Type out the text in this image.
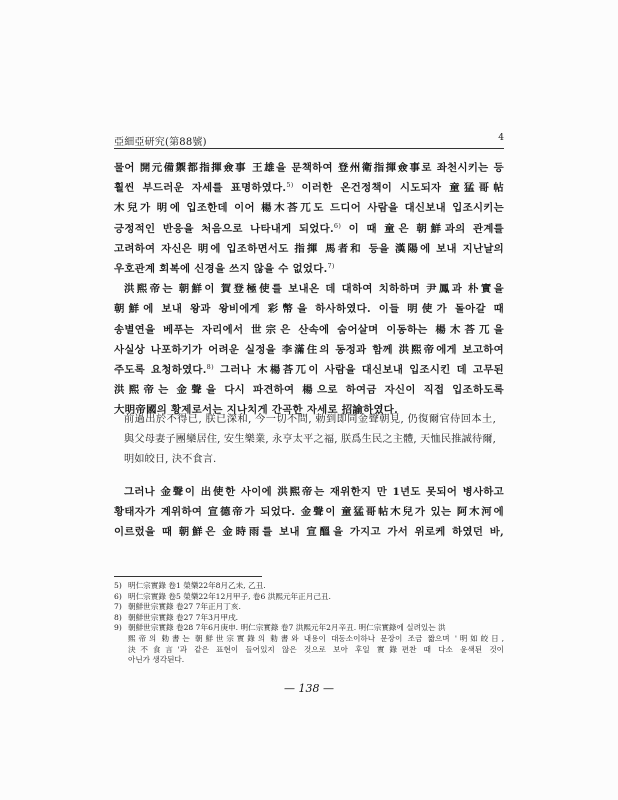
亞細亞研究(第88號)	4
물어 開元備禦都指揮僉事 王雄을 문책하여 登州衛指揮僉事로 좌천시키는 등
훨씬 부드러운 자세를 표명하였다.$^{5)}$ 이러한 온건정책이 시도되자 童猛哥帖
木兒가 明에 입조한데 이어 楊木荅兀도 드디어 사람을 대신보내 입조시키는
긍정적인 반응을 처음으로 나타내게 되었다.$^{6)}$ 이 때 童은 朝鮮과의 관계를
고려하여 자신은 明에 입조하면서도 指揮 馬者和 등을 漢陽에 보내 지난날의
우호관계 회복에 신경을 쓰지 않을 수 없었다.$^{7)}$
洪熙帝는 朝鮮이 賀登極使를 보내온 데 대하여 치하하며 尹鳳과 朴實을
朝鮮에 보내 왕과 왕비에게 彩幣을 하사하였다. 이들 明使가 돌아갈 때
송별연을 베푸는 자리에서 世宗은 산속에 숨어살며 이동하는 楊木荅兀을
사실상 나포하기가 어려운 실정을 李滿住의 동정과 함께 洪熙帝에게 보고하여
주도록 요청하였다.$^{8)}$ 그러나 木楊荅兀이 사람을 대신보내 입조시킨 데 고무된
洪熙帝는 金聲을 다시 파견하여 楊으로 하여금 자신이 직접 입조하도록
大明帝國의 황제로서는 지나치게 간곡한 자세로 招諭하였다.
前過出於不得已, 朕已深和, 今一切不問, 勅到即同金聲朝見, 仍復爾官侍回本土,
與父母妻子團欒居住, 安生樂業, 永亨太平之福, 朕爲生民之主體, 天恤民推誠待爾,
明如皎日, 決不食言.
그러나 金聲이 出使한 사이에 洪熙帝는 재위한지 만 1년도 못되어 병사하고
황태자가 계위하여 宣德帝가 되었다. 金聲이 童猛哥帖木兒가 있는 阿木河에
이르렀을 때 朝鮮은 金時雨를 보내 宣醞을 가지고 가서 위로케 하였던 바,
5) 明仁宗實錄 卷1 榮樂22年8月乙未, 乙丑.
6) 明仁宗實錄 卷5 榮樂22年12月甲子, 卷6 洪熙元年正月己丑.
7) 朝鮮世宗實錄 卷27 7年正月丁亥.
8) 朝鮮世宗實錄 卷27 7年3月甲戌.
9) 朝鮮世宗實錄 卷28 7年6月庚申. 明仁宗實錄 卷7 洪熙元年2月辛丑. 明仁宗實錄에 실려있는 洪
熙帝의 勅書는 朝鮮世宗實錄의 勅書와 내용이 대동소이하나 문장이 조금 짧으며 '明如皎日,
決不食言'과 같은 표현이 들어있지 않은 것으로 보아 후일 實錄편찬 때 다소 윤색된 것이
아닌가 생각된다.
— 138 —
